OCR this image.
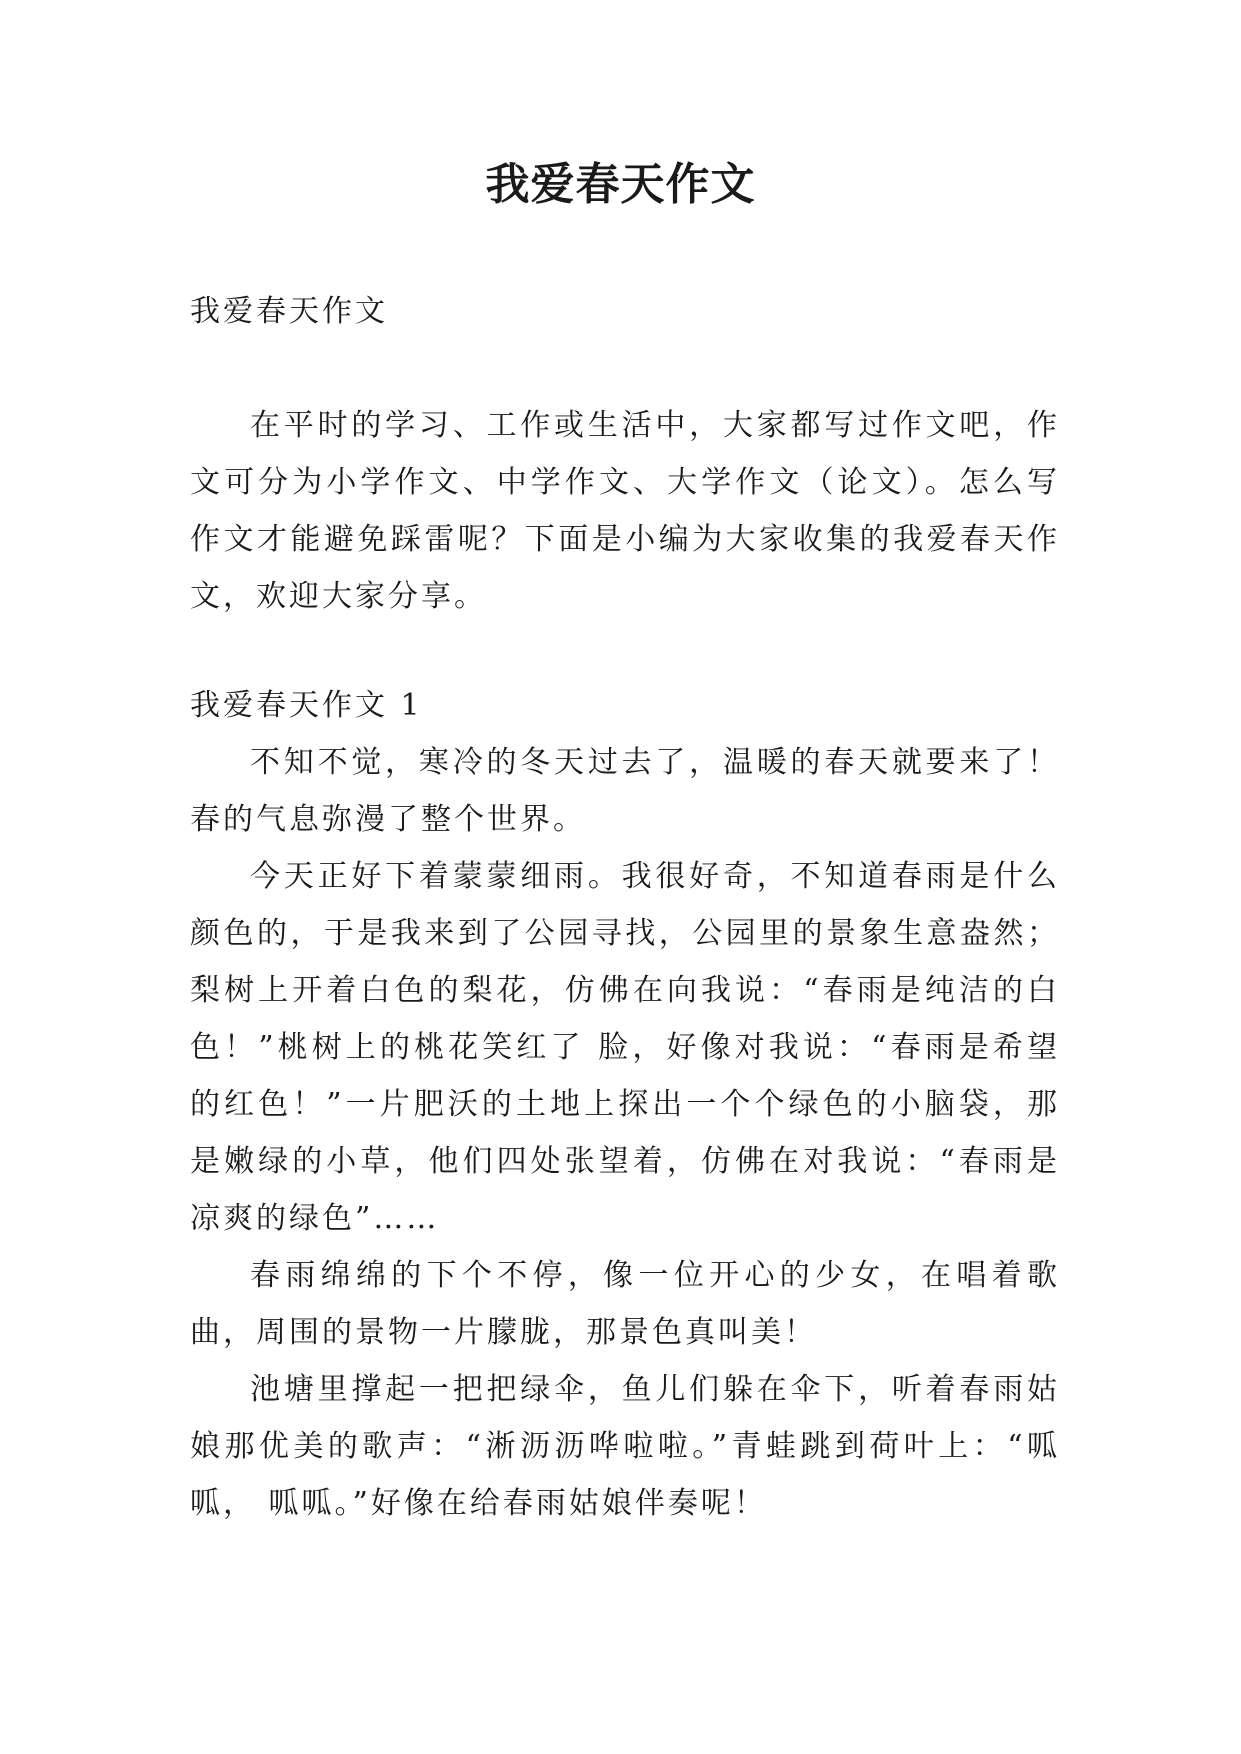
我爱春天作文

我爱春天作文

在平时的学习、工作或生活中，大家都写过作文吧，作文可分为小学作文、中学作文、大学作文（论文）。怎么写作文才能避免踩雷呢？下面是小编为大家收集的我爱春天作文，欢迎大家分享。

我爱春天作文 1

不知不觉，寒冷的冬天过去了，温暖的春天就要来了！春的气息弥漫了整个世界。

今天正好下着蒙蒙细雨。我很好奇，不知道春雨是什么颜色的，于是我来到了公园寻找，公园里的景象生意盎然；梨树上开着白色的梨花，仿佛在向我说：“春雨是纯洁的白色！”桃树上的桃花笑红了 脸，好像对我说：“春雨是希望的红色！”一片肥沃的土地上探出一个个绿色的小脑袋，那是嫩绿的小草，他们四处张望着，仿佛在对我说：“春雨是凉爽的绿色”……

春雨绵绵的下个不停，像一位开心的少女，在唱着歌曲，周围的景物一片朦胧，那景色真叫美！

池塘里撑起一把把绿伞，鱼儿们躲在伞下，听着春雨姑娘那优美的歌声：“淅沥沥哗啦啦。”青蛙跳到荷叶上：“呱呱， 呱呱。”好像在给春雨姑娘伴奏呢！
